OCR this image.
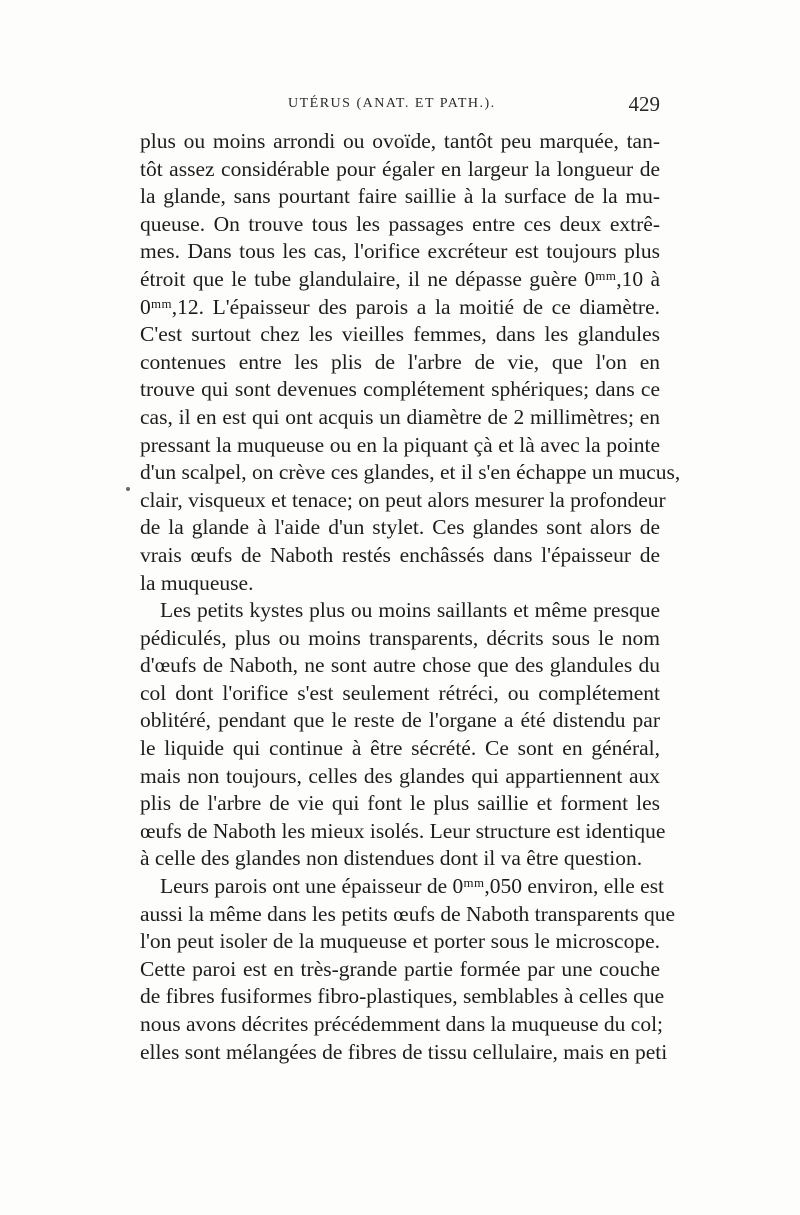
UTÉRUS (ANAT. ET PATH.).	429
plus ou moins arrondi ou ovoïde, tantôt peu marquée, tan-
tôt assez considérable pour égaler en largeur la longueur de
la glande, sans pourtant faire saillie à la surface de la mu-
queuse. On trouve tous les passages entre ces deux extrê-
mes. Dans tous les cas, l'orifice excréteur est toujours plus
étroit que le tube glandulaire, il ne dépasse guère 0ᵐᵐ,10 à
0ᵐᵐ,12. L'épaisseur des parois a la moitié de ce diamètre.
C'est surtout chez les vieilles femmes, dans les glandules
contenues entre les plis de l'arbre de vie, que l'on en
trouve qui sont devenues complétement sphériques; dans ce
cas, il en est qui ont acquis un diamètre de 2 millimètres; en
pressant la muqueuse ou en la piquant çà et là avec la pointe
d'un scalpel, on crève ces glandes, et il s'en échappe un mucus,
clair, visqueux et tenace; on peut alors mesurer la profondeur
de la glande à l'aide d'un stylet. Ces glandes sont alors de
vrais œufs de Naboth restés enchâssés dans l'épaisseur de
la muqueuse.
Les petits kystes plus ou moins saillants et même presque
pédiculés, plus ou moins transparents, décrits sous le nom
d'œufs de Naboth, ne sont autre chose que des glandules du
col dont l'orifice s'est seulement rétréci, ou complétement
oblitéré, pendant que le reste de l'organe a été distendu par
le liquide qui continue à être sécrété. Ce sont en général,
mais non toujours, celles des glandes qui appartiennent aux
plis de l'arbre de vie qui font le plus saillie et forment les
œufs de Naboth les mieux isolés. Leur structure est identique
à celle des glandes non distendues dont il va être question.
Leurs parois ont une épaisseur de 0ᵐᵐ,050 environ, elle est
aussi la même dans les petits œufs de Naboth transparents que
l'on peut isoler de la muqueuse et porter sous le microscope.
Cette paroi est en très-grande partie formée par une couche
de fibres fusiformes fibro-plastiques, semblables à celles que
nous avons décrites précédemment dans la muqueuse du col;
elles sont mélangées de fibres de tissu cellulaire, mais en peti
